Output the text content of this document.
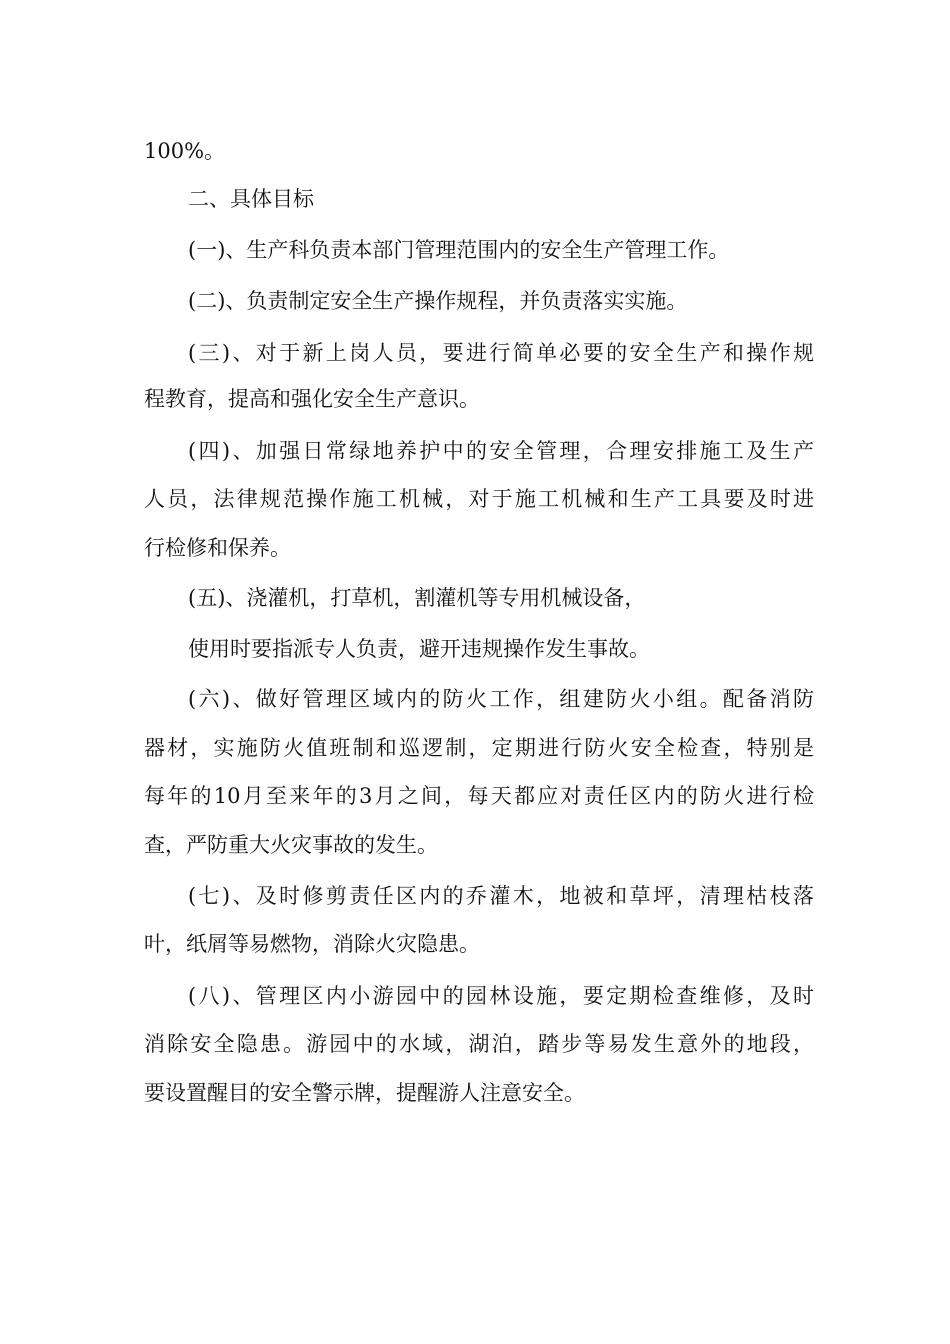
100%。
二、具体目标
(一)、生产科负责本部门管理范围内的安全生产管理工作。
(二)、负责制定安全生产操作规程，并负责落实实施。
(三)、对于新上岗人员，要进行简单必要的安全生产和操作规
程教育，提高和强化安全生产意识。
(四)、加强日常绿地养护中的安全管理，合理安排施工及生产
人员，法律规范操作施工机械，对于施工机械和生产工具要及时进
行检修和保养。
(五)、浇灌机，打草机，割灌机等专用机械设备，
使用时要指派专人负责，避开违规操作发生事故。
(六)、做好管理区域内的防火工作，组建防火小组。配备消防
器材，实施防火值班制和巡逻制，定期进行防火安全检查，特别是
每年的10月至来年的3月之间，每天都应对责任区内的防火进行检
查，严防重大火灾事故的发生。
(七)、及时修剪责任区内的乔灌木，地被和草坪，清理枯枝落
叶，纸屑等易燃物，消除火灾隐患。
(八)、管理区内小游园中的园林设施，要定期检查维修，及时
消除安全隐患。游园中的水域，湖泊，踏步等易发生意外的地段，
要设置醒目的安全警示牌，提醒游人注意安全。
